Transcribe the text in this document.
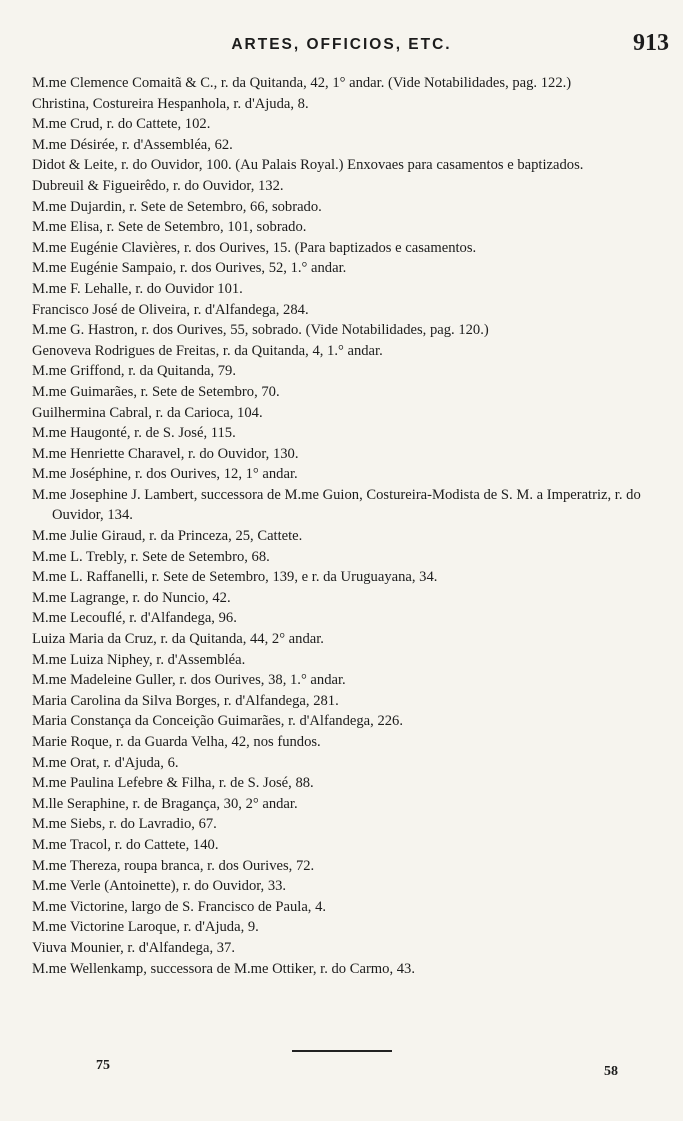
ARTES, OFFICIOS, ETC.	913
M.me Clemence Comaitã & C., r. da Quitanda, 42, 1° andar. (Vide Notabilidades, pag. 122.)
Christina, Costureira Hespanhola, r. d'Ajuda, 8.
M.me Crud, r. do Cattete, 102.
M.me Désirée, r. d'Assembléa, 62.
Didot & Leite, r. do Ouvidor, 100. (Au Palais Royal.) Enxovaes para casamentos e baptizados.
Dubreuil & Figueirêdo, r. do Ouvidor, 132.
M.me Dujardin, r. Sete de Setembro, 66, sobrado.
M.me Elisa, r. Sete de Setembro, 101, sobrado.
M.me Eugénie Clavières, r. dos Ourives, 15. (Para baptizados e casamentos.
M.me Eugénie Sampaio, r. dos Ourives, 52, 1.° andar.
M.me F. Lehalle, r. do Ouvidor 101.
Francisco José de Oliveira, r. d'Alfandega, 284.
M.me G. Hastron, r. dos Ourives, 55, sobrado. (Vide Notabilidades, pag. 120.)
Genoveva Rodrigues de Freitas, r. da Quitanda, 4, 1.° andar.
M.me Griffond, r. da Quitanda, 79.
M.me Guimarães, r. Sete de Setembro, 70.
Guilhermina Cabral, r. da Carioca, 104.
M.me Haugonté, r. de S. José, 115.
M.me Henriette Charavel, r. do Ouvidor, 130.
M.me Joséphine, r. dos Ourives, 12, 1° andar.
M.me Josephine J. Lambert, successora de M.me Guion, Costureira-Modista de S. M. a Imperatriz, r. do Ouvidor, 134.
M.me Julie Giraud, r. da Princeza, 25, Cattete.
M.me L. Trebly, r. Sete de Setembro, 68.
M.me L. Raffanelli, r. Sete de Setembro, 139, e r. da Uruguayana, 34.
M.me Lagrange, r. do Nuncio, 42.
M.me Lecouflé, r. d'Alfandega, 96.
Luiza Maria da Cruz, r. da Quitanda, 44, 2° andar.
M.me Luiza Niphey, r. d'Assembléa.
M.me Madeleine Guller, r. dos Ourives, 38, 1.° andar.
Maria Carolina da Silva Borges, r. d'Alfandega, 281.
Maria Constança da Conceição Guimarães, r. d'Alfandega, 226.
Marie Roque, r. da Guarda Velha, 42, nos fundos.
M.me Orat, r. d'Ajuda, 6.
M.me Paulina Lefebre & Filha, r. de S. José, 88.
M.lle Seraphine, r. de Bragança, 30, 2° andar.
M.me Siebs, r. do Lavradio, 67.
M.me Tracol, r. do Cattete, 140.
M.me Thereza, roupa branca, r. dos Ourives, 72.
M.me Verle (Antoinette), r. do Ouvidor, 33.
M.me Victorine, largo de S. Francisco de Paula, 4.
M.me Victorine Laroque, r. d'Ajuda, 9.
Viuva Mounier, r. d'Alfandega, 37.
M.me Wellenkamp, successora de M.me Ottiker, r. do Carmo, 43.
75	58
